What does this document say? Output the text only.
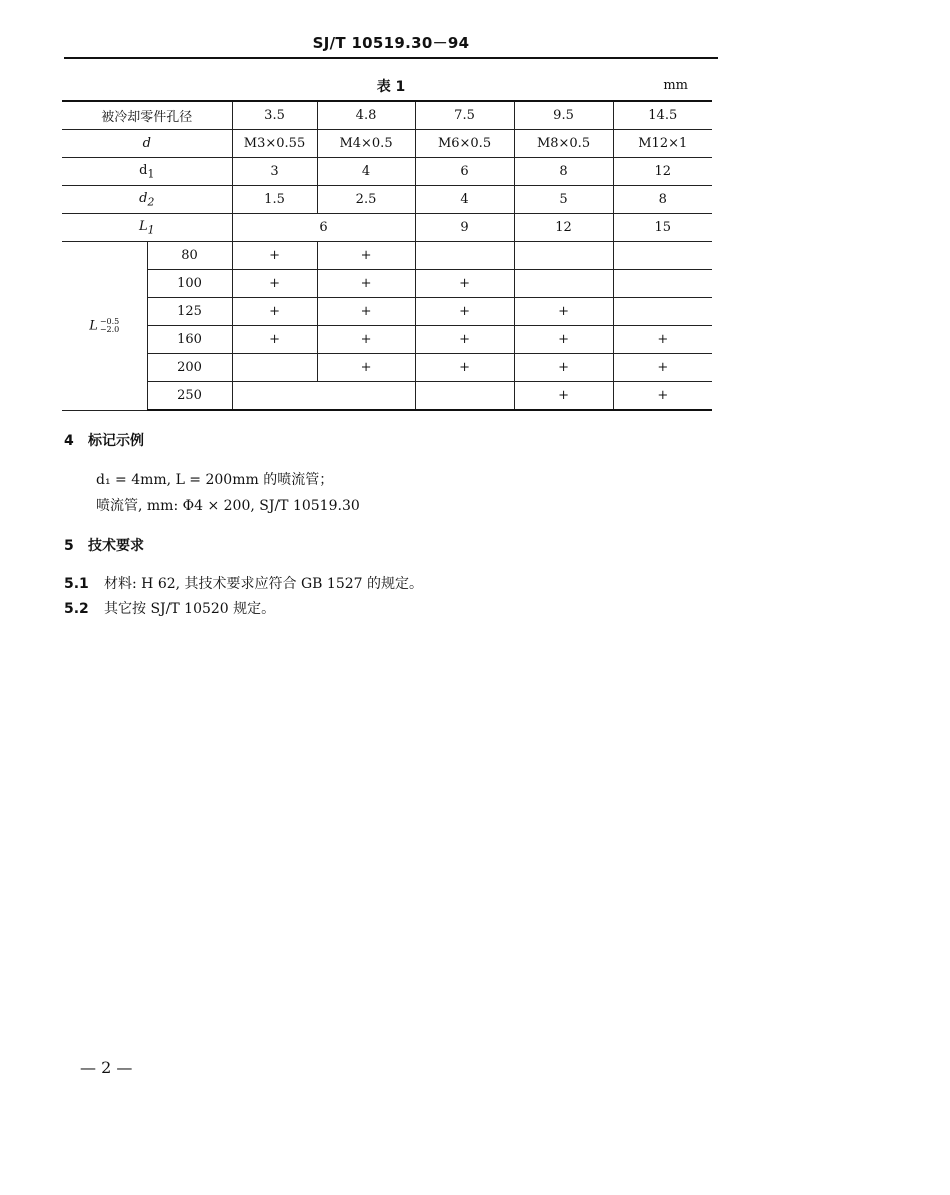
SJ/T 10519.30－94
表 1	mm
被冷却零件孔径		3.5	4.8	7.5	9.5	14.5
d		M3×0.55	M4×0.5	M6×0.5	M8×0.5	M12×1
$d_1$		3	4	6	8	12
$d_2$		1.5	2.5	4	5	8
$L_1$		6		9	12	15
L −0.5
−2.0	80	+	+			
	100	+	+	+		
	125	+	+	+	+	
	160	+	+	+	+	+
	200		+	+	+	+
	250				+	+
4 标记示例
d₁ = 4mm, L = 200mm 的喷流管；
喷流管, mm: Φ4 × 200, SJ/T 10519.30
5 技术要求
5.1 材料: H 62, 其技术要求应符合 GB 1527 的规定。
5.2 其它按 SJ/T 10520 规定。
— 2 —
